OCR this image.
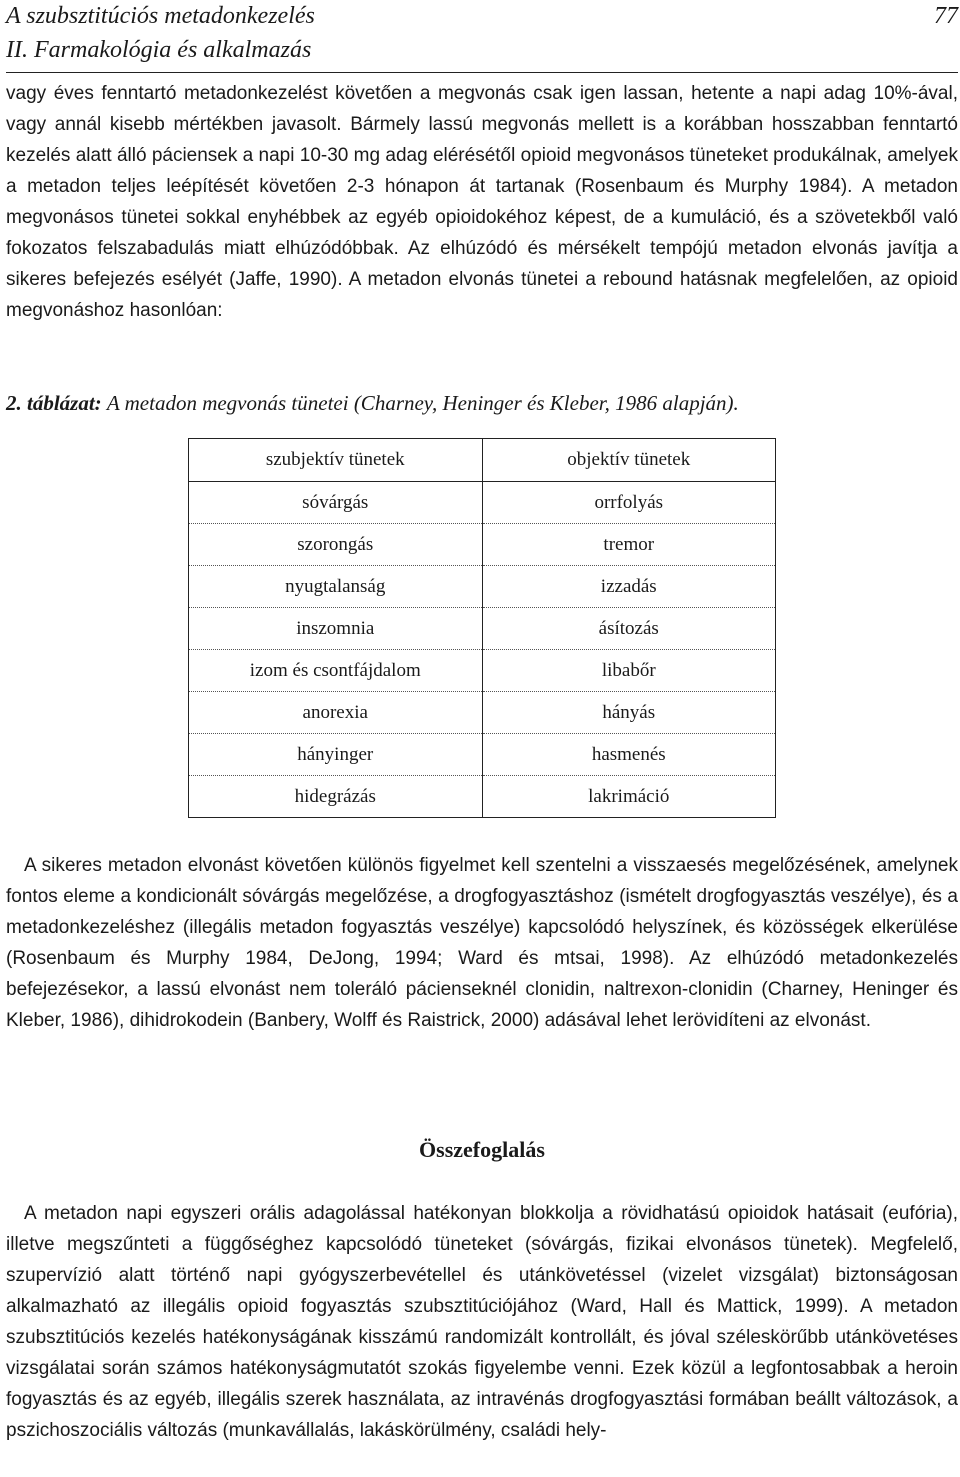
A szubsztitúciós metadonkezelés
II. Farmakológia és alkalmazás
77

vagy éves fenntartó metadonkezelést követően a megvonás csak igen lassan, hetente a napi adag 10%-ával, vagy annál kisebb mértékben javasolt. Bármely lassú megvonás mellett is a korábban hosszabban fenntartó kezelés alatt álló páciensek a napi 10-30 mg adag elérésétől opioid megvonásos tüneteket produkálnak, amelyek a metadon teljes leépítését követően 2-3 hónapon át tartanak (Rosenbaum és Murphy 1984). A metadon megvonásos tünetei sokkal enyhébbek az egyéb opioidokéhoz képest, de a kumuláció, és a szövetekből való fokozatos felszabadulás miatt elhúzódóbbak. Az elhúzódó és mérsékelt tempójú metadon elvonás javítja a sikeres befejezés esélyét (Jaffe, 1990). A metadon elvonás tünetei a rebound hatásnak megfelelően, az opioid megvonáshoz hasonlóan:

2. táblázat: A metadon megvonás tünetei (Charney, Heninger és Kleber, 1986 alapján).
szubjektív tünetek	objektív tünetek
sóvárgás	orrfolyás
szorongás	tremor
nyugtalanság	izzadás
inszomnia	ásítozás
izom és csontfájdalom	libabőr
anorexia	hányás
hányinger	hasmenés
hidegrázás	lakrimáció

A sikeres metadon elvonást követően különös figyelmet kell szentelni a visszaesés megelőzésének, amelynek fontos eleme a kondicionált sóvárgás megelőzése, a drogfogyasztáshoz (ismételt drogfogyasztás veszélye), és a metadonkezeléshez (illegális metadon fogyasztás veszélye) kapcsolódó helyszínek, és közösségek elkerülése (Rosenbaum és Murphy 1984, DeJong, 1994; Ward és mtsai, 1998). Az elhúzódó metadonkezelés befejezésekor, a lassú elvonást nem toleráló pácienseknél clonidin, naltrexon-clonidin (Charney, Heninger és Kleber, 1986), dihidrokodein (Banbery, Wolff és Raistrick, 2000) adásával lehet lerövidíteni az elvonást.

Összefoglalás

A metadon napi egyszeri orális adagolással hatékonyan blokkolja a rövidhatású opioidok hatásait (eufória), illetve megszűnteti a függőséghez kapcsolódó tüneteket (sóvárgás, fizikai elvonásos tünetek). Megfelelő, szupervízió alatt történő napi gyógyszerbevétellel és utánkövetéssel (vizelet vizsgálat) biztonságosan alkalmazható az illegális opioid fogyasztás szubsztitúciójához (Ward, Hall és Mattick, 1999). A metadon szubsztitúciós kezelés hatékonyságának kisszámú randomizált kontrollált, és jóval széleskörűbb utánkövetéses vizsgálatai során számos hatékonyságmutatót szokás figyelembe venni. Ezek közül a legfontosabbak a heroin fogyasztás és az egyéb, illegális szerek használata, az intravénás drogfogyasztási formában beállt változások, a pszichoszociális változás (munkavállalás, lakáskörülmény, családi hely-
